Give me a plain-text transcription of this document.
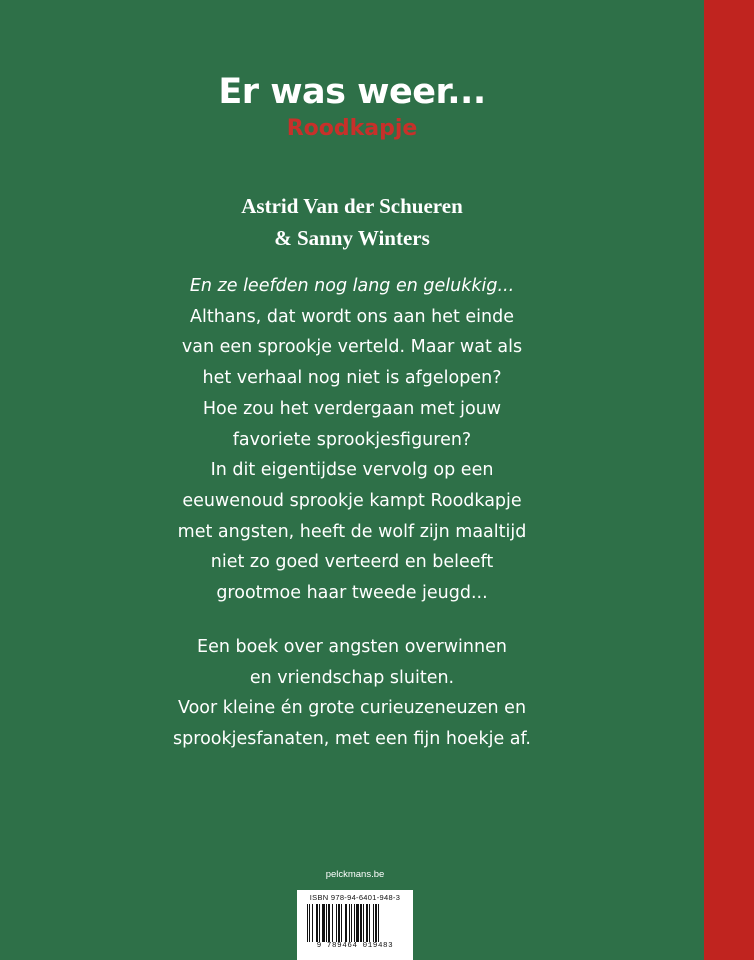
Er was weer...
Roodkapje
Astrid Van der Schueren
& Sanny Winters
En ze leefden nog lang en gelukkig...
Althans, dat wordt ons aan het einde
van een sprookje verteld. Maar wat als
het verhaal nog niet is afgelopen?
Hoe zou het verdergaan met jouw
favoriete sprookjesfiguren?
In dit eigentijdse vervolg op een
eeuwenoud sprookje kampt Roodkapje
met angsten, heeft de wolf zijn maaltijd
niet zo goed verteerd en beleeft
grootmoe haar tweede jeugd...
Een boek over angsten overwinnen
en vriendschap sluiten.
Voor kleine én grote curieuzeneuzen en
sprookjesfanaten, met een fijn hoekje af.
pelckmans.be
ISBN 978-94-6401-948-3
9 789464 019483
